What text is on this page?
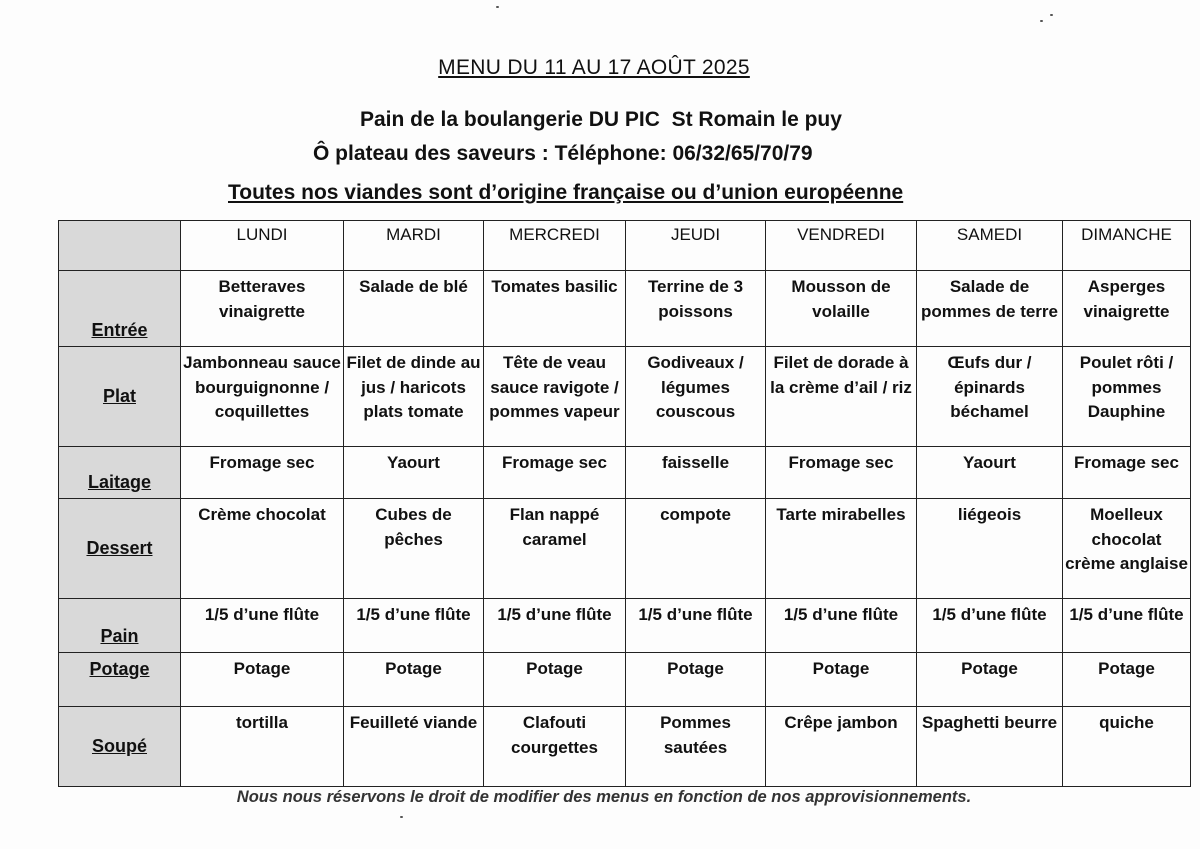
MENU DU 11 AU 17 AOÛT 2025
Pain de la boulangerie DU PIC  St Romain le puy
Ô plateau des saveurs : Téléphone: 06/32/65/70/79
Toutes nos viandes sont d’origine française ou d’union européenne
	LUNDI	MARDI	MERCREDI	JEUDI	VENDREDI	SAMEDI	DIMANCHE
Entrée	Betteraves vinaigrette	Salade de blé	Tomates basilic	Terrine de 3 poissons	Mousson de volaille	Salade de pommes de terre	Asperges vinaigrette
Plat	Jambonneau sauce bourguignonne / coquillettes	Filet de dinde au jus / haricots plats tomate	Tête de veau sauce ravigote / pommes vapeur	Godiveaux / légumes couscous	Filet de dorade à la crème d’ail / riz	Œufs dur / épinards béchamel	Poulet rôti / pommes Dauphine
Laitage	Fromage sec	Yaourt	Fromage sec	faisselle	Fromage sec	Yaourt	Fromage sec
Dessert	Crème chocolat	Cubes de pêches	Flan nappé caramel	compote	Tarte mirabelles	liégeois	Moelleux chocolat crème anglaise
Pain	1/5 d’une flûte	1/5 d’une flûte	1/5 d’une flûte	1/5 d’une flûte	1/5 d’une flûte	1/5 d’une flûte	1/5 d’une flûte
Potage	Potage	Potage	Potage	Potage	Potage	Potage	Potage
Soupé	tortilla	Feuilleté viande	Clafouti courgettes	Pommes sautées	Crêpe jambon	Spaghetti beurre	quiche
Nous nous réservons le droit de modifier des menus en fonction de nos approvisionnements.
